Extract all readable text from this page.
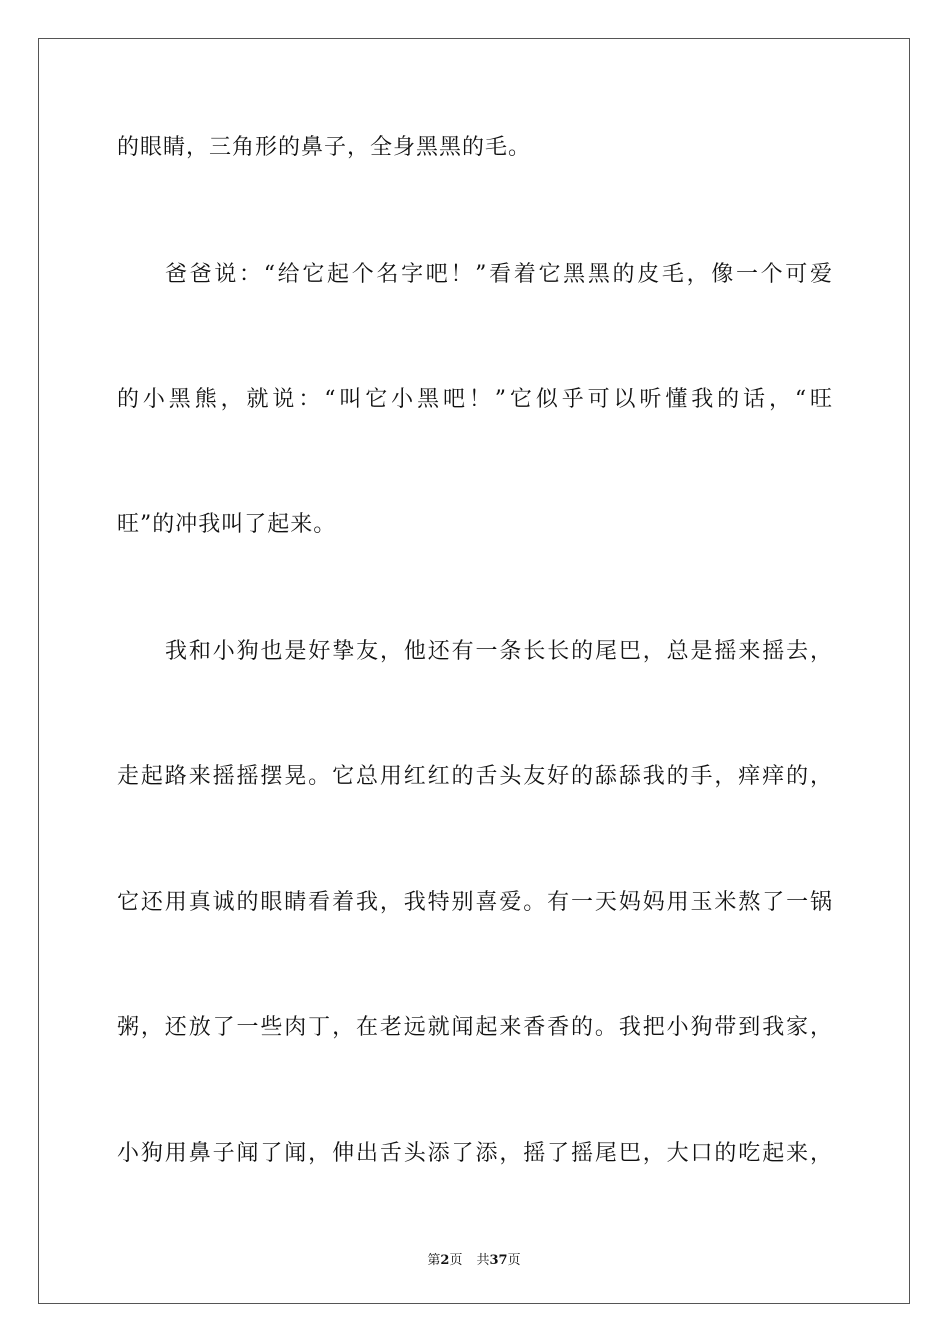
的眼睛，三角形的鼻子，全身黑黑的毛。
爸爸说：“给它起个名字吧！”看着它黑黑的皮毛，像一个可爱
的小黑熊，就说：“叫它小黑吧！”它似乎可以听懂我的话，“旺
旺”的冲我叫了起来。
我和小狗也是好挚友，他还有一条长长的尾巴，总是摇来摇去，
走起路来摇摇摆晃。它总用红红的舌头友好的舔舔我的手，痒痒的，
它还用真诚的眼睛看着我，我特别喜爱。有一天妈妈用玉米熬了一锅
粥，还放了一些肉丁，在老远就闻起来香香的。我把小狗带到我家，
小狗用鼻子闻了闻，伸出舌头添了添，摇了摇尾巴，大口的吃起来，
第2页 共37页
